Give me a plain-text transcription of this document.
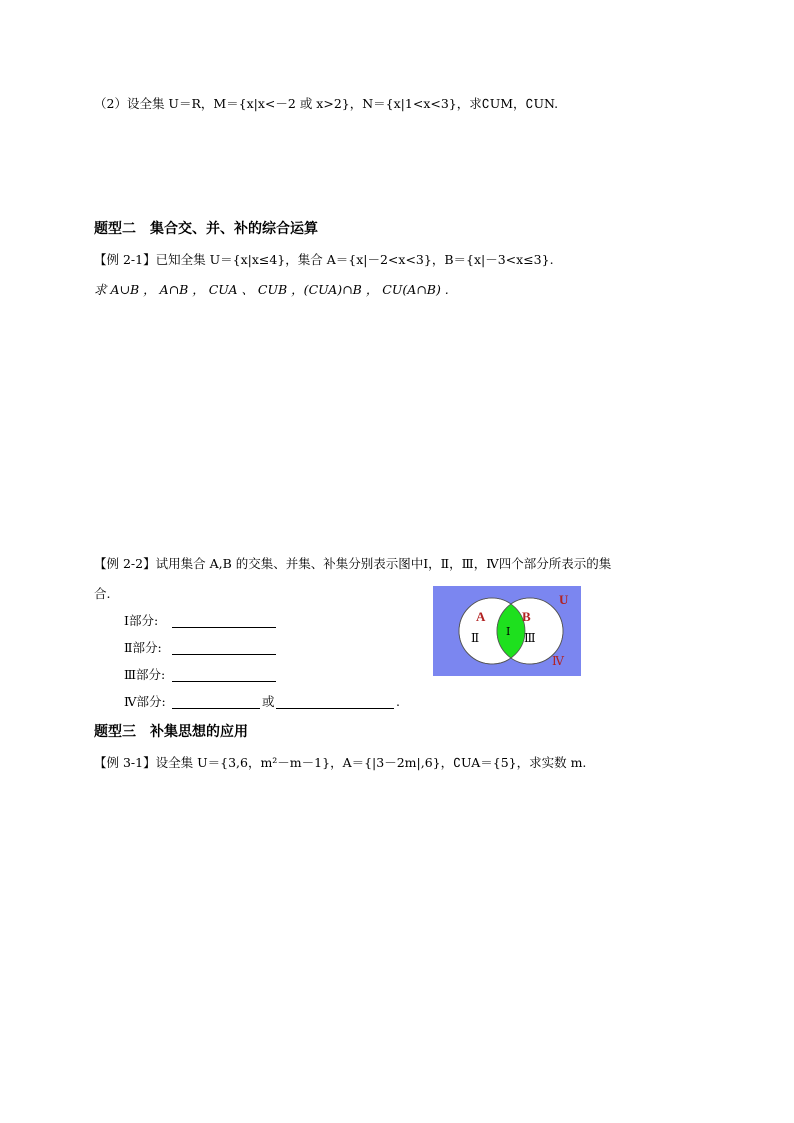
（2）设全集 U＝R，M＝{x|x<－2 或 x>2}，N＝{x|1<x<3}，求∁UM，∁UN.
题型二 集合交、并、补的综合运算
【例 2-1】已知全集 U＝{x|x≤4}，集合 A＝{x|－2<x<3}，B＝{x|－3<x≤3}.
求 A∪B ， A∩B ， CUA 、 CUB ，(CUA)∩B ， CU(A∩B) .
【例 2-2】试用集合 A,B 的交集、并集、补集分别表示图中Ⅰ，Ⅱ，Ⅲ，Ⅳ四个部分所表示的集
合.
Ⅰ部分:
Ⅱ部分:
Ⅲ部分:
Ⅳ部分:	或	.
U
A	B
Ⅰ
Ⅱ	Ⅲ
Ⅳ
题型三 补集思想的应用
【例 3-1】设全集 U＝{3,6，m²－m－1}，A＝{|3－2m|,6}，∁UA＝{5}，求实数 m.
